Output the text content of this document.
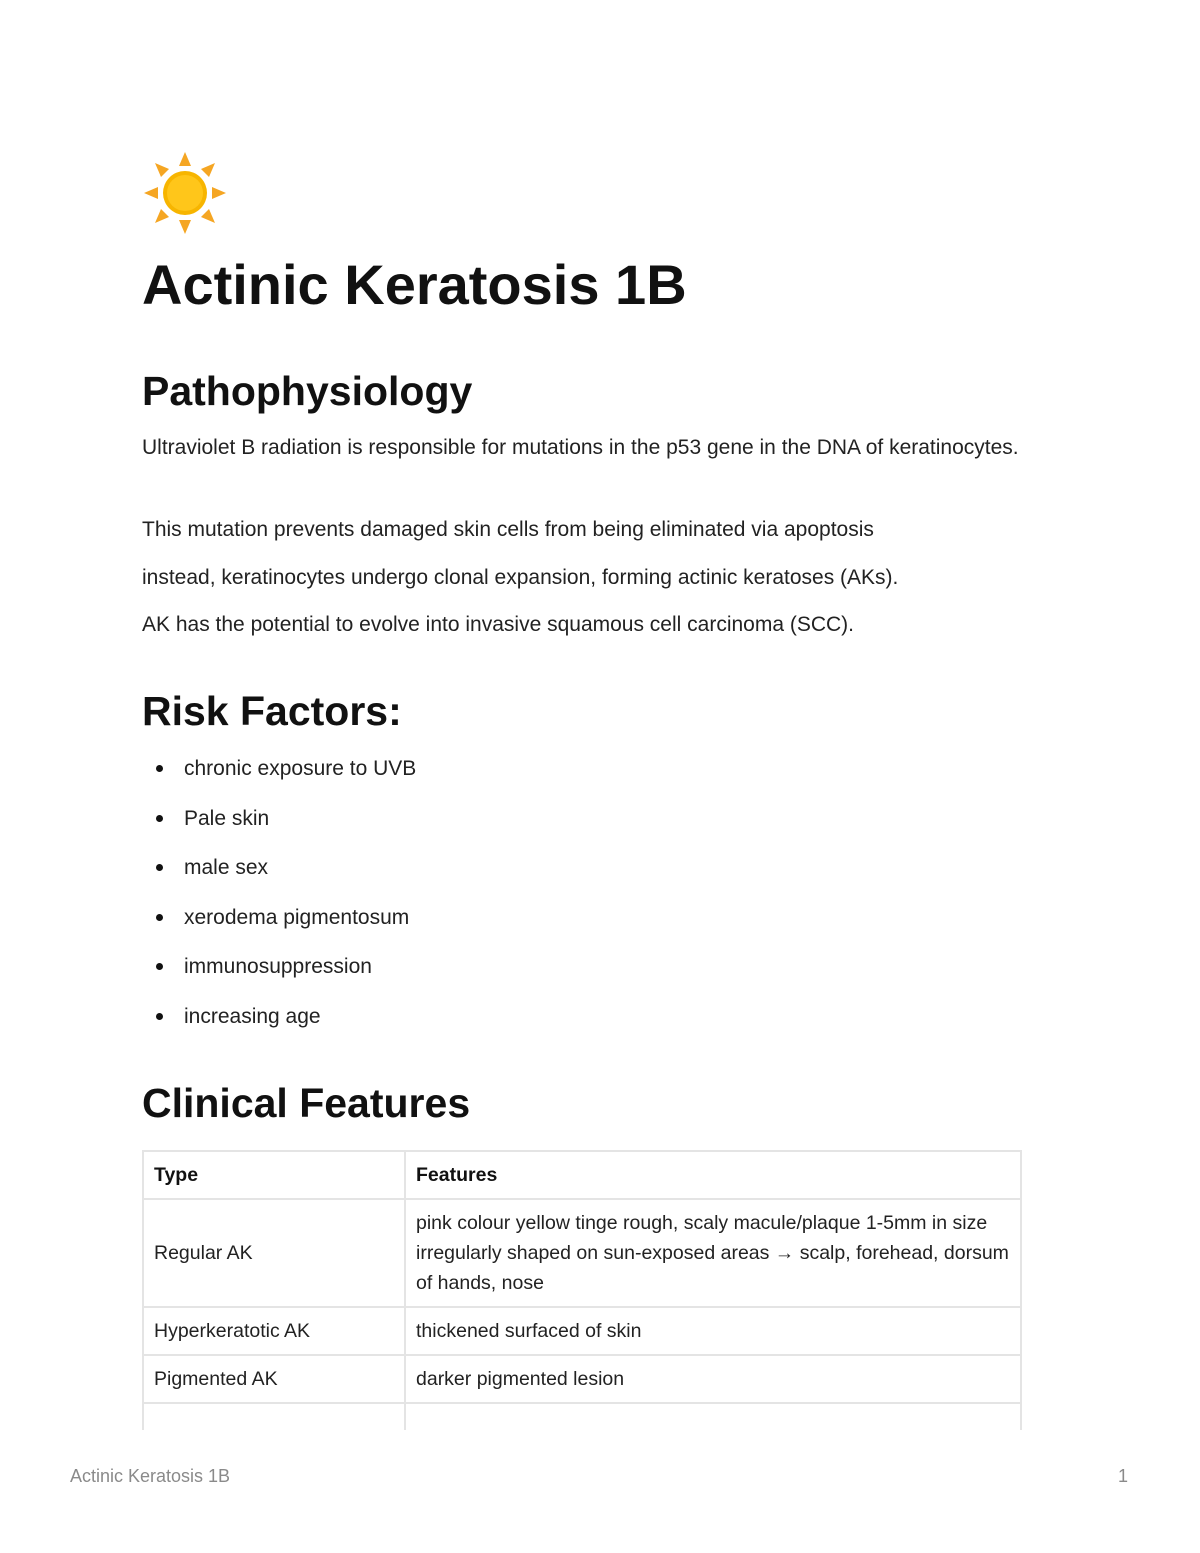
Actinic Keratosis 1B
Pathophysiology

Ultraviolet B radiation is responsible for mutations in the p53 gene in the DNA of keratinocytes.

This mutation prevents damaged skin cells from being eliminated via apoptosis

instead, keratinocytes undergo clonal expansion, forming actinic keratoses (AKs).

AK has the potential to evolve into invasive squamous cell carcinoma (SCC).

Risk Factors:
chronic exposure to UVB
Pale skin
male sex
xerodema pigmentosum
immunosuppression
increasing age
Clinical Features
Type	Features
Regular AK	pink colour yellow tinge rough, scaly macule/plaque 1-5mm in size irregularly shaped on sun-exposed areas → scalp, forehead, dorsum of hands, nose
Hyperkeratotic AK	thickened surfaced of skin
Pigmented AK	darker pigmented lesion

Actinic Keratosis 1B	1
